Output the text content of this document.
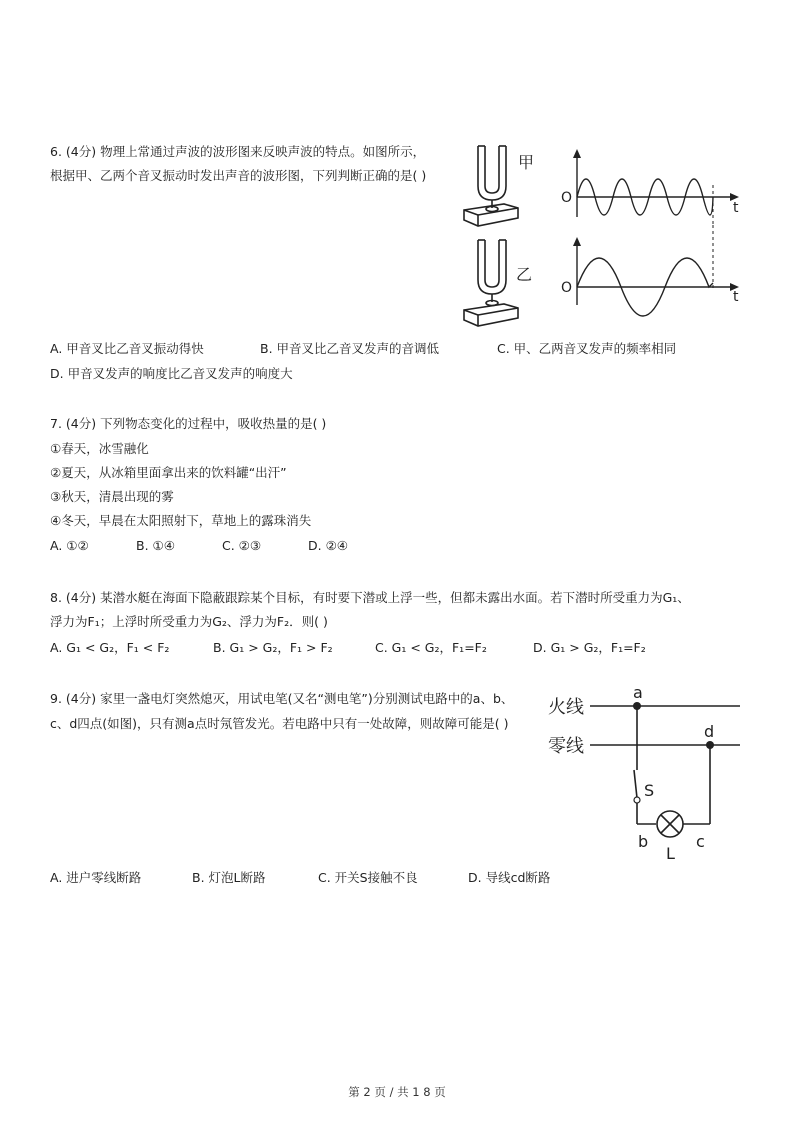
6. (4分) 物理上常通过声波的波形图来反映声波的特点。如图所示，
根据甲、乙两个音叉振动时发出声音的波形图，下列判断正确的是( )
甲
乙
O
t
O
t
A. 甲音叉比乙音叉振动得快	B. 甲音叉比乙音叉发声的音调低	C. 甲、乙两音叉发声的频率相同
D. 甲音叉发声的响度比乙音叉发声的响度大
7. (4分) 下列物态变化的过程中，吸收热量的是( )
①春天，冰雪融化
②夏天，从冰箱里面拿出来的饮料罐“出汗”
③秋天，清晨出现的雾
④冬天，早晨在太阳照射下，草地上的露珠消失
A. ①②	B. ①④	C. ②③	D. ②④
8. (4分) 某潜水艇在海面下隐蔽跟踪某个目标，有时要下潜或上浮一些，但都未露出水面。若下潜时所受重力为G₁、
浮力为F₁；上浮时所受重力为G₂、浮力为F₂．则( )
A. G₁ < G₂，F₁ < F₂	B. G₁ > G₂，F₁ > F₂	C. G₁ < G₂，F₁=F₂	D. G₁ > G₂，F₁=F₂
9. (4分) 家里一盏电灯突然熄灭，用试电笔(又名“测电笔”)分别测试电路中的a、b、
c、d四点(如图)，只有测a点时氖管发光。若电路中只有一处故障，则故障可能是( )
火线
零线
a
d
S
b	c
L
A. 进户零线断路	B. 灯泡L断路	C. 开关S接触不良	D. 导线cd断路
第 2 页 / 共 1 8 页
